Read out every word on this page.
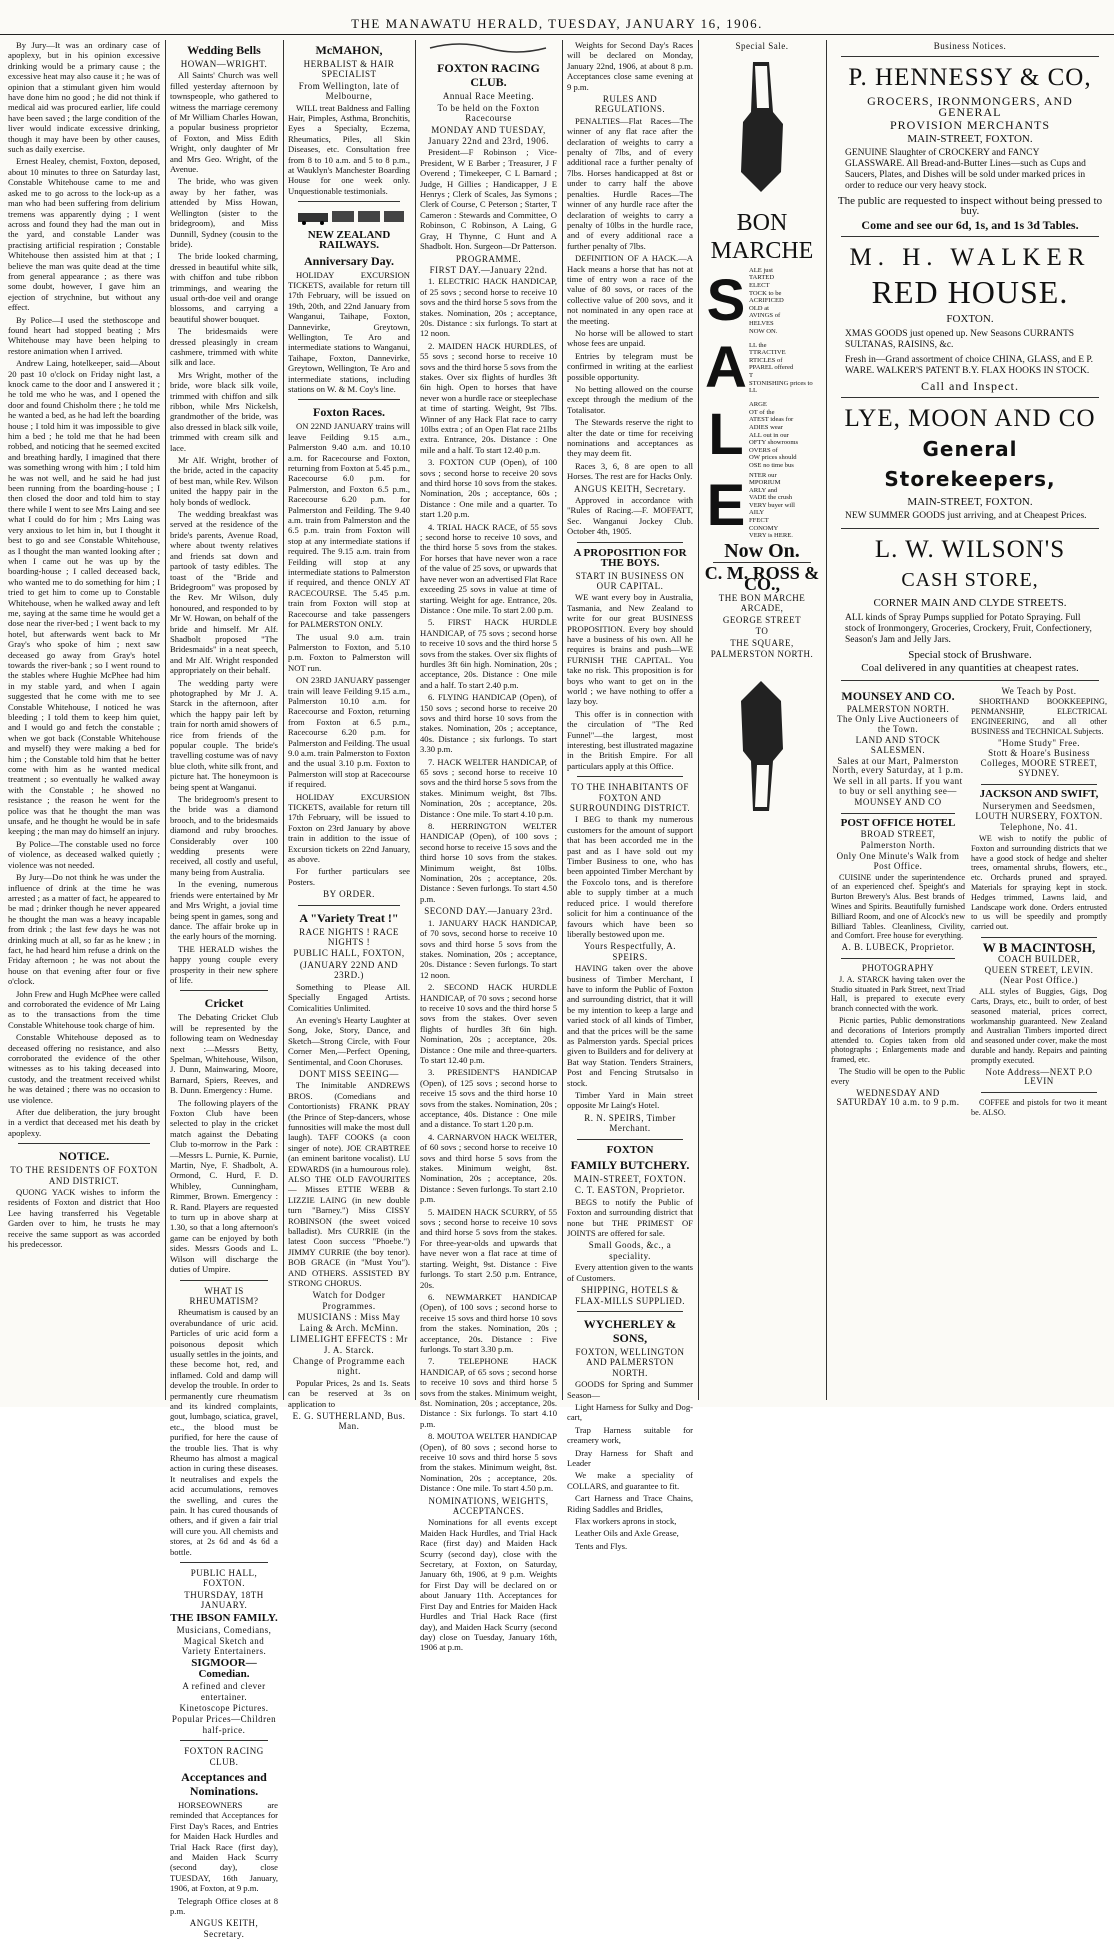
THE MANAWATU HERALD, TUESDAY, JANUARY 16, 1906.

By Jury—It was an ordinary case of apoplexy, but in his opinion excessive drinking would be a primary cause ; the excessive heat may also cause it ; he was of opinion that a stimulant given him would have done him no good ; he did not think if medical aid was procured earlier, life could have been saved ; the large condition of the liver would indicate excessive drinking, though it may have been by other causes, such as daily exercise.

Ernest Healey, chemist, Foxton, deposed, about 10 minutes to three on Saturday last, Constable Whitehouse came to me and asked me to go across to the lock-up as a man who had been suffering from delirium tremens was apparently dying ; I went across and found they had the man out in the yard, and constable Lander was practising artificial respiration ; Constable Whitehouse then assisted him at that ; I believe the man was quite dead at the time from general appearance ; as there was some doubt, however, I gave him an ejection of strychnine, but without any effect.

By Police—I used the stethoscope and found heart had stopped beating ; Mrs Whitehouse may have been helping to restore animation when I arrived.

Andrew Laing, hotelkeeper, said—About 20 past 10 o'clock on Friday night last, a knock came to the door and I answered it ; he told me who he was, and I opened the door and found Chisholm there ; he told me he wanted a bed, as he had left the boarding house ; I told him it was impossible to give him a bed ; he told me that he had been robbed, and noticing that he seemed excited and breathing hardly, I imagined that there was something wrong with him ; I told him he was not well, and he said he had just been running from the boarding-house ; I then closed the door and told him to stay there while I went to see Mrs Laing and see what I could do for him ; Mrs Laing was very anxious to let him in, but I thought it best to go and see Constable Whitehouse, as I thought the man wanted looking after ; when I came out he was up by the boarding-house ; I called deceased back, who wanted me to do something for him ; I tried to get him to come up to Constable Whitehouse, when he walked away and left me, saying at the same time he would get a dose near the river-bed ; I went back to my hotel, but afterwards went back to Mr Gray's who spoke of him ; next saw deceased go away from Gray's hotel towards the river-bank ; so I went round to the stables where Hughie McPhee had him in my stable yard, and when I again suggested that he come with me to see Constable Whitehouse, I noticed he was bleeding ; I told them to keep him quiet, and I would go and fetch the constable ; when we got back (Constable Whitehouse and myself) they were making a bed for him ; the Constable told him that he better come with him as he wanted medical treatment ; so eventually he walked away with the Constable ; he showed no resistance ; the reason he went for the police was that he thought the man was unsafe, and he thought he would be in safe keeping ; the man may do himself an injury.

By Police—The constable used no force of violence, as deceased walked quietly ; violence was not needed.

By Jury—Do not think he was under the influence of drink at the time he was arrested ; as a matter of fact, he appeared to be mad ; drinker though he never appeared he thought the man was a heavy incapable from drink ; the last few days he was not drinking much at all, so far as he knew ; in fact, he had heard him refuse a drink on the Friday afternoon ; he was not about the house on that evening after four or five o'clock.

John Frew and Hugh McPhee were called and corroborated the evidence of Mr Laing as to the transactions from the time Constable Whitehouse took charge of him.

Constable Whitehouse deposed as to deceased offering no resistance, and also corroborated the evidence of the other witnesses as to his taking deceased into custody, and the treatment received whilst he was detained ; there was no occasion to use violence.

After due deliberation, the jury brought in a verdict that deceased met his death by apoplexy.

NOTICE.
TO THE RESIDENTS OF FOXTON AND DISTRICT.

QUONG YACK wishes to inform the residents of Foxton and district that Hoo Lee having transferred his Vegetable Garden over to him, he trusts he may receive the same support as was accorded his predecessor.

Wedding Bells
HOWAN—WRIGHT.

All Saints' Church was well filled yesterday afternoon by townspeople, who gathered to witness the marriage ceremony of Mr William Charles Howan, a popular business proprietor of Foxton, and Miss Edith Wright, only daughter of Mr and Mrs Geo. Wright, of the Avenue.

The bride, who was given away by her father, was attended by Miss Howan, Wellington (sister to the bridegroom), and Miss Dunnill, Sydney (cousin to the bride).

The bride looked charming, dressed in beautiful white silk, with chiffon and tube ribbon trimmings, and wearing the usual orth-doe veil and orange blossoms, and carrying a beautiful shower bouquet.

The bridesmaids were dressed pleasingly in cream cashmere, trimmed with white silk and lace.

Mrs Wright, mother of the bride, wore black silk voile, trimmed with chiffon and silk ribbon, while Mrs Nickelsh, grandmother of the bride, was also dressed in black silk voile, trimmed with cream silk and lace.

Mr Alf. Wright, brother of the bride, acted in the capacity of best man, while Rev. Wilson united the happy pair in the holy bonds of wedlock.

The wedding breakfast was served at the residence of the bride's parents, Avenue Road, where about twenty relatives and friends sat down and partook of tasty edibles. The toast of the "Bride and Bridegroom" was proposed by the Rev. Mr Wilson, duly honoured, and responded to by Mr W. Howan, on behalf of the bride and himself. Mr Alf. Shadbolt proposed "The Bridesmaids" in a neat speech, and Mr Alf. Wright responded appropriately on their behalf.

The wedding party were photographed by Mr J. A. Starck in the afternoon, after which the happy pair left by train for north amid showers of rice from friends of the popular couple. The bride's travelling costume was of navy blue cloth, white silk front, and picture hat. The honeymoon is being spent at Wanganui.

The bridegroom's present to the bride was a diamond brooch, and to the bridesmaids diamond and ruby brooches. Considerably over 100 wedding presents were received, all costly and useful, many being from Australia.

In the evening, numerous friends were entertained by Mr and Mrs Wright, a jovial time being spent in games, song and dance. The affair broke up in the early hours of the morning.

THE HERALD wishes the happy young couple every prosperity in their new sphere of life.

Cricket

The Debating Cricket Club will be represented by the following team on Wednesday next :—Messrs Betty, Spelman, Whitehouse, Wilson, J. Dunn, Mainwaring, Moore, Barnard, Spiers, Reeves, and B. Dunn. Emergency : Hume.

The following players of the Foxton Club have been selected to play in the cricket match against the Debating Club to-morrow in the Park :—Messrs L. Purnie, K. Purnie, Martin, Nye, F. Shadbolt, A. Ormond, C. Hurd, F. D. Whibley, Cunningham, Rimmer, Brown. Emergency : R. Rand. Players are requested to turn up in above sharp at 1.30, so that a long afternoon's game can be enjoyed by both sides. Messrs Goods and L. Wilson will discharge the duties of Umpire.

WHAT IS RHEUMATISM?

Rheumatism is caused by an overabundance of uric acid. Particles of uric acid form a poisonous deposit which usually settles in the joints, and these become hot, red, and inflamed. Cold and damp will develop the trouble. In order to permanently cure rheumatism and its kindred complaints, gout, lumbago, sciatica, gravel, etc., the blood must be purified, for here the cause of the trouble lies. That is why Rheumo has almost a magical action in curing these diseases. It neutralises and expels the acid accumulations, removes the swelling, and cures the pain. It has cured thousands of others, and if given a fair trial will cure you. All chemists and stores, at 2s 6d and 4s 6d a bottle.

PUBLIC HALL, FOXTON.
THURSDAY, 18TH JANUARY.
THE IBSON FAMILY.
Musicians, Comedians, Magical Sketch and Variety Entertainers.
SIGMOOR—Comedian.
A refined and clever entertainer.
Kinetoscope Pictures.
Popular Prices—Children half-price.
FOXTON RACING CLUB.
Acceptances and Nominations.

HORSEOWNERS are reminded that Acceptances for First Day's Races, and Entries for Maiden Hack Hurdles and Trial Hack Race (first day), and Maiden Hack Scurry (second day), close TUESDAY, 16th January, 1906, at Foxton, at 9 p.m.

Telegraph Office closes at 8 p.m.

ANGUS KEITH, Secretary.
McMAHON,
HERBALIST & HAIR SPECIALIST
From Wellington, late of Melbourne,

WILL treat Baldness and Falling Hair, Pimples, Asthma, Bronchitis, Eyes a Specialty, Eczema, Rheumatics, Piles, all Skin Diseases, etc. Consultation free from 8 to 10 a.m. and 5 to 8 p.m., at Wauklyn's Manchester Boarding House for one week only. Unquestionable testimonials.

NEW ZEALAND RAILWAYS.
Anniversary Day.

HOLIDAY EXCURSION TICKETS, available for return till 17th February, will be issued on 19th, 20th, and 22nd January from Wanganui, Taihape, Foxton, Dannevirke, Greytown, Wellington, Te Aro and intermediate stations to Wanganui, Taihape, Foxton, Dannevirke, Greytown, Wellington, Te Aro and intermediate stations, including stations on W. & M. Coy's line.

Foxton Races.

ON 22ND JANUARY trains will leave Feilding 9.15 a.m., Palmerston 9.40 a.m. and 10.10 a.m. for Racecourse and Foxton, returning from Foxton at 5.45 p.m., Racecourse 6.0 p.m. for Palmerston, and Foxton 6.5 p.m., Racecourse 6.20 p.m. for Palmerston and Feilding. The 9.40 a.m. train from Palmerston and the 6.5 p.m. train from Foxton will stop at any intermediate stations if required. The 9.15 a.m. train from Feilding will stop at any intermediate stations to Palmerston if required, and thence ONLY AT RACECOURSE. The 5.45 p.m. train from Foxton will stop at Racecourse and take passengers for PALMERSTON ONLY.

The usual 9.0 a.m. train Palmerston to Foxton, and 5.10 p.m. Foxton to Palmerston will NOT run.

ON 23RD JANUARY passenger train will leave Feilding 9.15 a.m., Palmerston 10.10 a.m. for Racecourse and Foxton, returning from Foxton at 6.5 p.m., Racecourse 6.20 p.m. for Palmerston and Feilding. The usual 9.0 a.m. train Palmerston to Foxton and the usual 3.10 p.m. Foxton to Palmerston will stop at Racecourse if required.

HOLIDAY EXCURSION TICKETS, available for return till 17th February, will be issued to Foxton on 23rd January by above train in addition to the issue of Excursion tickets on 22nd January, as above.

For further particulars see Posters.

BY ORDER.
A "Variety Treat !"
RACE NIGHTS ! RACE NIGHTS !
PUBLIC HALL, FOXTON,
(JANUARY 22ND AND 23RD.)

Something to Please All. Specially Engaged Artists. Comicalities Unlimited.

An evening's Hearty Laughter at Song, Joke, Story, Dance, and Sketch—Strong Circle, with Four Corner Men,—Perfect Opening, Sentimental, and Coon Choruses.

DONT MISS SEEING—

The Inimitable ANDREWS BROS. (Comedians and Contortionists) FRANK PRAY (the Prince of Step-dancers, whose funnosities will make the most dull laugh). TAFF COOKS (a coon singer of note). JOE CRABTREE (an eminent baritone vocalist). LU EDWARDS (in a humourous role). ALSO THE OLD FAVOURITES— Misses ETTIE WEBB & LIZZIE LAING (in new double turn "Barney.") Miss CISSY ROBINSON (the sweet voiced balladist). Mrs CURRIE (in the latest Coon success "Phoebe.") JIMMY CURRIE (the boy tenor). BOB GRACE (in "Must You"). AND OTHERS. ASSISTED BY STRONG CHORUS.

Watch for Dodger Programmes.
MUSICIANS : Miss May Laing & Arch. McMinn.
LIMELIGHT EFFECTS : Mr J. A. Starck.
Change of Programme each night.

Popular Prices, 2s and 1s. Seats can be reserved at 3s on application to

E. G. SUTHERLAND, Bus. Man.
FOXTON RACING CLUB.
Annual Race Meeting.
To be held on the Foxton Racecourse
MONDAY AND TUESDAY,
January 22nd and 23rd, 1906.

President—F Robinson ; Vice-President, W E Barber ; Treasurer, J F Overend ; Timekeeper, C L Barnard ; Judge, H Gillies ; Handicapper, J E Henrys ; Clerk of Scales, Jas Symons ; Clerk of Course, C Peterson ; Starter, T Cameron : Stewards and Committee, O Robinson, C Robinson, A Laing, G Gray, H Thynne, C Hunt and A Shadbolt. Hon. Surgeon—Dr Patterson.

PROGRAMME.
FIRST DAY.—January 22nd.

1. ELECTRIC HACK HANDICAP, of 25 sovs ; second horse to receive 10 sovs and the third horse 5 sovs from the stakes. Nomination, 20s ; acceptance, 20s. Distance : six furlongs. To start at 12 noon.

2. MAIDEN HACK HURDLES, of 55 sovs ; second horse to receive 10 sovs and the third horse 5 sovs from the stakes. Over six flights of hurdles 3ft 6in high. Open to horses that have never won a hurdle race or steeplechase at time of starting. Weight, 9st 7lbs. Winner of any Hack Flat race to carry 10lbs extra ; of an Open Flat race 21lbs extra. Entrance, 20s. Distance : One mile and a half. To start 12.40 p.m.

3. FOXTON CUP (Open), of 100 sovs ; second horse to receive 20 sovs and third horse 10 sovs from the stakes. Nomination, 20s ; acceptance, 60s ; Distance : One mile and a quarter. To start 1.20 p.m.

4. TRIAL HACK RACE, of 55 sovs ; second horse to receive 10 sovs, and the third horse 5 sovs from the stakes. For horses that have never won a race of the value of 25 sovs, or upwards that have never won an advertised Flat Race exceeding 25 sovs in value at time of starting. Weight for age. Entrance, 20s. Distance : One mile. To start 2.00 p.m.

5. FIRST HACK HURDLE HANDICAP, of 75 sovs ; second horse to receive 10 sovs and the third horse 5 sovs from the stakes. Over six flights of hurdles 3ft 6in high. Nomination, 20s ; acceptance, 20s. Distance : One mile and a half. To start 2.40 p.m.

6. FLYING HANDICAP (Open), of 150 sovs ; second horse to receive 20 sovs and third horse 10 sovs from the stakes. Nomination, 20s ; acceptance, 40s. Distance ; six furlongs. To start 3.30 p.m.

7. HACK WELTER HANDICAP, of 65 sovs ; second horse to receive 10 sovs and the third horse 5 sovs from the stakes. Minimum weight, 8st 7lbs. Nomination, 20s ; acceptance, 20s. Distance : One mile. To start 4.10 p.m.

8. HERRINGTON WELTER HANDICAP (Open), of 100 sovs ; second horse to receive 15 sovs and the third horse 10 sovs from the stakes. Minimum weight, 8st 10lbs. Nomination, 20s ; acceptance, 20s. Distance : Seven furlongs. To start 4.50 p.m.

SECOND DAY.—January 23rd.

1. JANUARY HACK HANDICAP, of 70 sovs, second horse to receive 10 sovs and third horse 5 sovs from the stakes. Nomination, 20s ; acceptance, 20s. Distance : Seven furlongs. To start 12 noon.

2. SECOND HACK HURDLE HANDICAP, of 70 sovs ; second horse to receive 10 sovs and the third horse 5 sovs from the stakes. Over seven flights of hurdles 3ft 6in high. Nomination, 20s ; acceptance, 20s. Distance : One mile and three-quarters. To start 12.40 p.m.

3. PRESIDENT'S HANDICAP (Open), of 125 sovs ; second horse to receive 15 sovs and the third horse 10 sovs from the stakes. Nomination, 20s ; acceptance, 40s. Distance : One mile and a distance. To start 1.20 p.m.

4. CARNARVON HACK WELTER, of 60 sovs ; second horse to receive 10 sovs and third horse 5 sovs from the stakes. Minimum weight, 8st. Nomination, 20s ; acceptance, 20s. Distance : Seven furlongs. To start 2.10 p.m.

5. MAIDEN HACK SCURRY, of 55 sovs ; second horse to receive 10 sovs and third horse 5 sovs from the stakes. For three-year-olds and upwards that have never won a flat race at time of starting. Weight, 9st. Distance : Five furlongs. To start 2.50 p.m. Entrance, 20s.

6. NEWMARKET HANDICAP (Open), of 100 sovs ; second horse to receive 15 sovs and third horse 10 sovs from the stakes. Nomination, 20s ; acceptance, 20s. Distance : Five furlongs. To start 3.30 p.m.

7. TELEPHONE HACK HANDICAP, of 65 sovs ; second horse to receive 10 sovs and third horse 5 sovs from the stakes. Minimum weight, 8st. Nomination, 20s ; acceptance, 20s. Distance : Six furlongs. To start 4.10 p.m.

8. MOUTOA WELTER HANDICAP (Open), of 80 sovs ; second horse to receive 10 sovs and third horse 5 sovs from the stakes. Minimum weight, 8st. Nomination, 20s ; acceptance, 20s. Distance : One mile. To start 4.50 p.m.

NOMINATIONS, WEIGHTS, ACCEPTANCES.

Nominations for all events except Maiden Hack Hurdles, and Trial Hack Race (first day) and Maiden Hack Scurry (second day), close with the Secretary, at Foxton, on Saturday, January 6th, 1906, at 9 p.m. Weights for First Day will be declared on or about January 11th. Acceptances for First Day and Entries for Maiden Hack Hurdles and Trial Hack Race (first day), and Maiden Hack Scurry (second day) close on Tuesday, January 16th, 1906 at p.m.

Weights for Second Day's Races will be declared on Monday, January 22nd, 1906, at about 8 p.m. Acceptances close same evening at 9 p.m.

RULES AND REGULATIONS.

PENALTIES—Flat Races—The winner of any flat race after the declaration of weights to carry a penalty of 7lbs, and of every additional race a further penalty of 7lbs. Horses handicapped at 8st or under to carry half the above penalties. Hurdle Races—The winner of any hurdle race after the declaration of weights to carry a penalty of 10lbs in the hurdle race, and of every additional race a further penalty of 7lbs.

DEFINITION OF A HACK.—A Hack means a horse that has not at time of entry won a race of the value of 80 sovs, or races of the collective value of 200 sovs, and it not nominated in any open race at the meeting.

No horse will be allowed to start whose fees are unpaid.

Entries by telegram must be confirmed in writing at the earliest possible opportunity.

No betting allowed on the course except through the medium of the Totalisator.

The Stewards reserve the right to alter the date or time for receiving nominations and acceptances as they may deem fit.

Races 3, 6, 8 are open to all Horses. The rest are for Hacks Only.

ANGUS KEITH, Secretary.

Approved in accordance with "Rules of Racing.—F. MOFFATT, Sec. Wanganui Jockey Club. October 4th, 1905.

A PROPOSITION FOR THE BOYS.
START IN BUSINESS ON OUR CAPITAL.

WE want every boy in Australia, Tasmania, and New Zealand to write for our great BUSINESS PROPOSITION. Every boy should have a business of his own. All he requires is brains and push—WE FURNISH THE CAPITAL. You take no risk. This proposition is for boys who want to get on in the world ; we have nothing to offer a lazy boy.

This offer is in connection with the circulation of "The Red Funnel"—the largest, most interesting, best illustrated magazine in the British Empire. For all particulars apply at this Office.

TO THE INHABITANTS OF FOXTON AND SURROUNDING DISTRICT.

I BEG to thank my numerous customers for the amount of support that has been accorded me in the past and as I have sold out my Timber Business to one, who has been appointed Timber Merchant by the Foxcolo tons, and is therefore able to supply timber at a much reduced price. I would therefore solicit for him a continuance of the favours which have been so liberally bestowed upon me.

Yours Respectfully, A. SPEIRS.

HAVING taken over the above business of Timber Merchant, I have to inform the Public of Foxton and surrounding district, that it will be my intention to keep a large and varied stock of all kinds of Timber, and that the prices will be the same as Palmerston yards. Special prices given to Builders and for delivery at Bat way Station. Tenders Strainers, Post and Fencing Strutsalso in stock.

Timber Yard in Main street opposite Mr Laing's Hotel.

R. N. SPEIRS, Timber Merchant.
FOXTON
FAMILY BUTCHERY.
MAIN-STREET, FOXTON.
C. T. EASTON, Proprietor.

BEGS to notify the Public of Foxton and surrounding district that none but THE PRIMEST OF JOINTS are offered for sale.

Small Goods, &c., a speciality.

Every attention given to the wants of Customers.

SHIPPING, HOTELS & FLAX-MILLS SUPPLIED.
WYCHERLEY & SONS,
FOXTON, WELLINGTON AND PALMERSTON NORTH.

GOODS for Spring and Summer Season—

Light Harness for Sulky and Dog-cart,

Trap Harness suitable for creamery work,

Dray Harness for Shaft and Leader

We make a speciality of COLLARS, and guarantee to fit.

Cart Harness and Trace Chains, Riding Saddles and Bridles,

Flax workers aprons in stock,

Leather Oils and Axle Grease,

Tents and Flys.

Special Sale.
BON
MARCHE
S ALE just
TARTED
ELECT
TOCK to be
ACRIFICED
OLD at
AVINGS of
HELVES
NOW ON.
A LL the
TTRACTIVE
RTICLES of
PPAREL offered
T
STONISHING prices to
LL
L ARGE
OT of the
ATEST ideas for
ADIES wear
ALL out in our
OFTY showrooms
OVERS of
OW prices should
OSE no time bus
E NTER our
MPORIUM
ARLY and
VADE the crush
VERY buyer will
AILY
FFECT
CONOMY
VERY is HERE.
Now On.
C. M. ROSS & CO.,
THE BON MARCHE ARCADE,
GEORGE STREET
TO
THE SQUARE,
PALMERSTON NORTH.
Business Notices.
P. HENNESSY & CO,
GROCERS, IRONMONGERS, AND GENERAL
PROVISION MERCHANTS
MAIN-STREET, FOXTON.
GENUINE Slaughter of CROCKERY and FANCY GLASSWARE. All Bread-and-Butter Lines—such as Cups and Saucers, Plates, and Dishes will be sold under marked prices in order to reduce our very heavy stock.
The public are requested to inspect without being pressed to buy.
Come and see our 6d, 1s, and 1s 3d Tables.
M. H. WALKER
RED HOUSE.
FOXTON.
XMAS GOODS just opened up. New Seasons CURRANTS SULTANAS, RAISINS, &c.
Fresh in—Grand assortment of choice CHINA, GLASS, and E P. WARE. WALKER'S PATENT B.Y. FLAX HOOKS IN STOCK.
Call and Inspect.
LYE, MOON AND CO
General Storekeepers,
MAIN-STREET, FOXTON.
NEW SUMMER GOODS just arriving, and at Cheapest Prices.
L. W. WILSON'S
CASH STORE,
CORNER MAIN AND CLYDE STREETS.
ALL kinds of Spray Pumps supplied for Potato Spraying. Full stock of Ironmongery, Groceries, Crockery, Fruit, Confectionery, Season's Jam and Jelly Jars.
Special stock of Brushware.
Coal delivered in any quantities at cheapest rates.
MOUNSEY AND CO.
PALMERSTON NORTH.
The Only Live Auctioneers of the Town.
LAND AND STOCK SALESMEN.
Sales at our Mart, Palmerston North, every Saturday, at 1 p.m.
We sell in all parts. If you want to buy or sell anything see—
MOUNSEY AND CO
POST OFFICE HOTEL
BROAD STREET,
Palmerston North.
Only One Minute's Walk from Post Office.

CUISINE under the superintendence of an experienced chef. Speight's and Burton Brewery's Alus. Best brands of Wines and Spirits. Beautifully furnished Billiard Room, and one of Alcock's new Billiard Tables. Cleanliness, Civility, and Comfort. Free house for everything.

A. B. LUBECK, Proprietor.
PHOTOGRAPHY

J. A. STARCK having taken over the Studio situated in Park Street, next Triad Hall, is prepared to execute every branch connected with the work.

Picnic parties, Public demonstrations and decorations of Interiors promptly attended to. Copies taken from old photographs ; Enlargements made and framed, etc.

The Studio will be open to the Public every

WEDNESDAY AND SATURDAY 10 a.m. to 9 p.m.
We Teach by Post.

SHORTHAND BOOKKEEPING, PENMANSHIP, ELECTRICAL ENGINEERING, and all other BUSINESS and TECHNICAL Subjects.

"Home Study" Free.
Stott & Hoare's Business Colleges, MOORE STREET, SYDNEY.
JACKSON AND SWIFT,
Nurserymen and Seedsmen,
LOUTH NURSERY, FOXTON.
Telephone, No. 41.

WE wish to notify the public of Foxton and surrounding districts that we have a good stock of hedge and shelter trees, ornamental shrubs, flowers, etc., etc. Orchards pruned and sprayed. Materials for spraying kept in stock. Hedges trimmed, Lawns laid, and Landscape work done. Orders entrusted to us will be speedily and promptly carried out.

W B MACINTOSH,
COACH BUILDER,
QUEEN STREET, LEVIN.
(Near Post Office.)

ALL styles of Buggies, Gigs, Dog Carts, Drays, etc., built to order, of best seasoned material, prices correct, workmanship guaranteed. New Zealand and Australian Timbers imported direct and seasoned under cover, make the most durable and handy. Repairs and painting promptly executed.

Note Address—NEXT P.O LEVIN

COFFEE and pistols for two it meant be. ALSO.
